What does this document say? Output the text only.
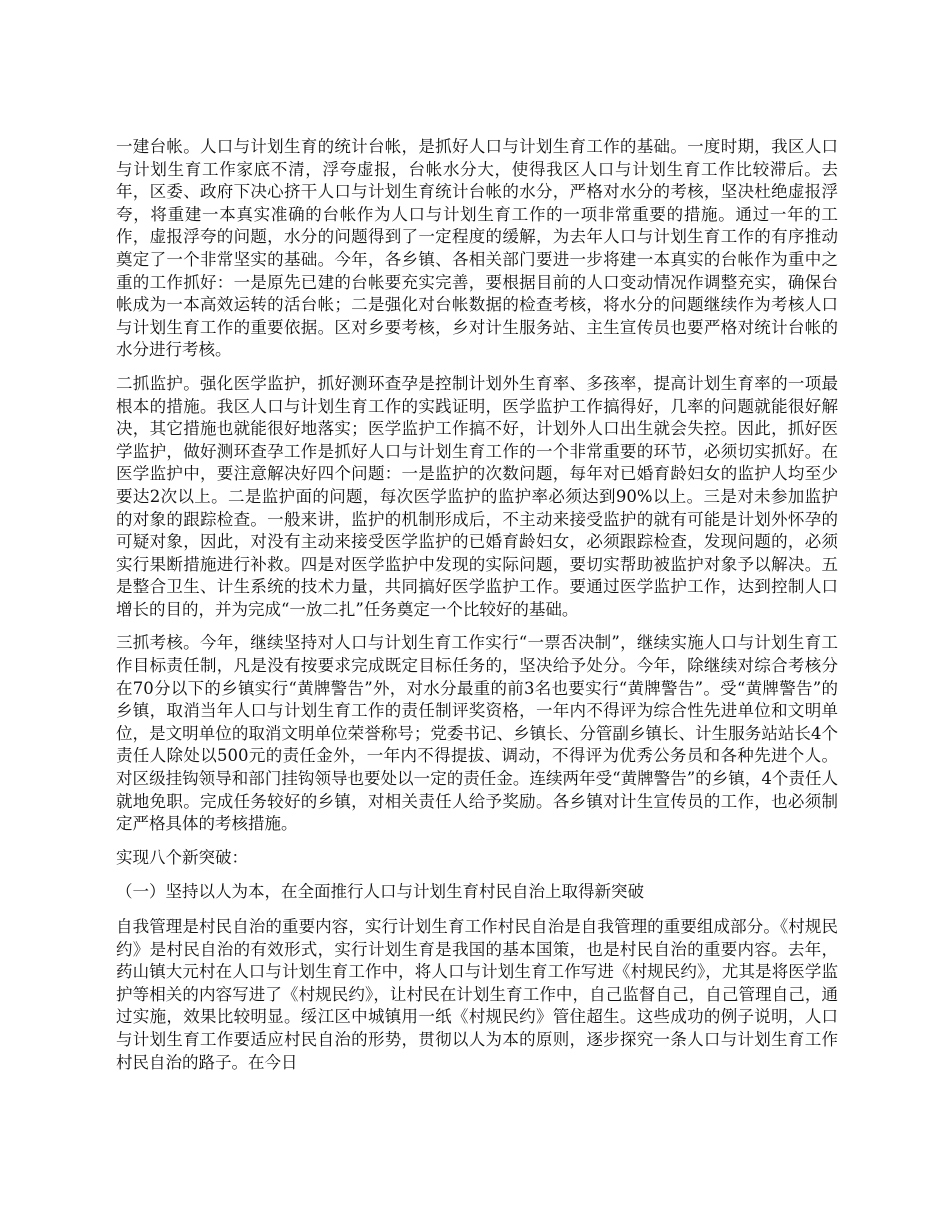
一建台帐。人口与计划生育的统计台帐，是抓好人口与计划生育工作的基础。一度时期，我区人口与计划生育工作家底不清，浮夸虚报，台帐水分大，使得我区人口与计划生育工作比较滞后。去年，区委、政府下决心挤干人口与计划生育统计台帐的水分，严格对水分的考核，坚决杜绝虚报浮夸，将重建一本真实准确的台帐作为人口与计划生育工作的一项非常重要的措施。通过一年的工作，虚报浮夸的问题，水分的问题得到了一定程度的缓解，为去年人口与计划生育工作的有序推动奠定了一个非常坚实的基础。今年，各乡镇、各相关部门要进一步将建一本真实的台帐作为重中之重的工作抓好：一是原先已建的台帐要充实完善，要根据目前的人口变动情况作调整充实，确保台帐成为一本高效运转的活台帐；二是强化对台帐数据的检查考核，将水分的问题继续作为考核人口与计划生育工作的重要依据。区对乡要考核，乡对计生服务站、主生宣传员也要严格对统计台帐的水分进行考核。

二抓监护。强化医学监护，抓好测环查孕是控制计划外生育率、多孩率，提高计划生育率的一项最根本的措施。我区人口与计划生育工作的实践证明，医学监护工作搞得好，几率的问题就能很好解决，其它措施也就能很好地落实；医学监护工作搞不好，计划外人口出生就会失控。因此，抓好医学监护，做好测环查孕工作是抓好人口与计划生育工作的一个非常重要的环节，必须切实抓好。在医学监护中，要注意解决好四个问题：一是监护的次数问题，每年对已婚育龄妇女的监护人均至少要达2次以上。二是监护面的问题，每次医学监护的监护率必须达到90%以上。三是对未参加监护的对象的跟踪检查。一般来讲，监护的机制形成后，不主动来接受监护的就有可能是计划外怀孕的可疑对象，因此，对没有主动来接受医学监护的已婚育龄妇女，必须跟踪检查，发现问题的，必须实行果断措施进行补救。四是对医学监护中发现的实际问题，要切实帮助被监护对象予以解决。五是整合卫生、计生系统的技术力量，共同搞好医学监护工作。要通过医学监护工作，达到控制人口增长的目的，并为完成“一放二扎”任务奠定一个比较好的基础。

三抓考核。今年，继续坚持对人口与计划生育工作实行“一票否决制”，继续实施人口与计划生育工作目标责任制，凡是没有按要求完成既定目标任务的，坚决给予处分。今年，除继续对综合考核分在70分以下的乡镇实行“黄牌警告”外，对水分最重的前3名也要实行“黄牌警告”。受“黄牌警告”的乡镇，取消当年人口与计划生育工作的责任制评奖资格，一年内不得评为综合性先进单位和文明单位，是文明单位的取消文明单位荣誉称号；党委书记、乡镇长、分管副乡镇长、计生服务站站长4个责任人除处以500元的责任金外，一年内不得提拔、调动，不得评为优秀公务员和各种先进个人。对区级挂钩领导和部门挂钩领导也要处以一定的责任金。连续两年受“黄牌警告”的乡镇，4个责任人就地免职。完成任务较好的乡镇，对相关责任人给予奖励。各乡镇对计生宣传员的工作，也必须制定严格具体的考核措施。

实现八个新突破：

（一）坚持以人为本，在全面推行人口与计划生育村民自治上取得新突破

自我管理是村民自治的重要内容，实行计划生育工作村民自治是自我管理的重要组成部分。《村规民约》是村民自治的有效形式，实行计划生育是我国的基本国策，也是村民自治的重要内容。去年，药山镇大元村在人口与计划生育工作中，将人口与计划生育工作写进《村规民约》，尤其是将医学监护等相关的内容写进了《村规民约》，让村民在计划生育工作中，自己监督自己，自己管理自己，通过实施，效果比较明显。绥江区中城镇用一纸《村规民约》管住超生。这些成功的例子说明，人口与计划生育工作要适应村民自治的形势，贯彻以人为本的原则，逐步探究一条人口与计划生育工作村民自治的路子。在今日
